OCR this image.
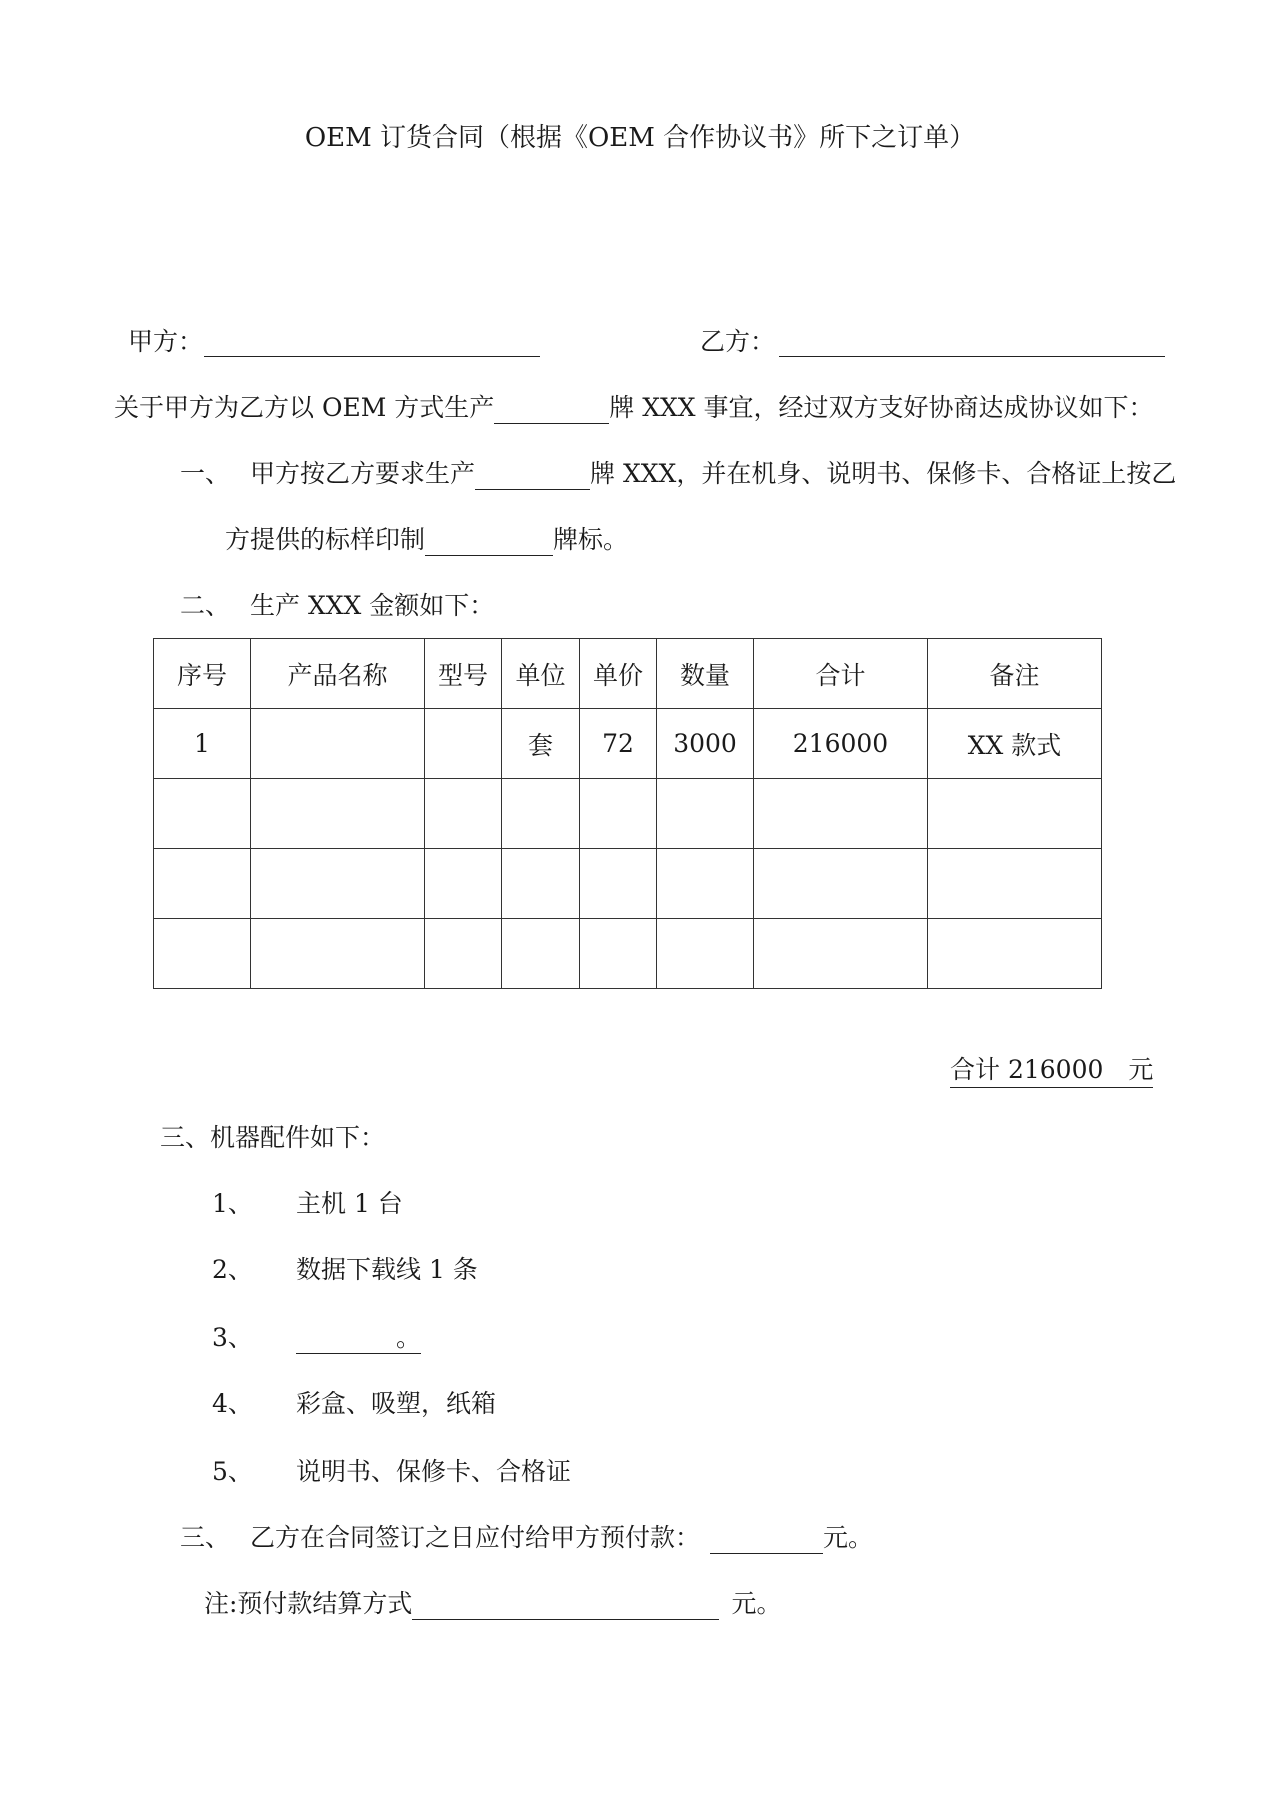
OEM 订货合同（根据《OEM 合作协议书》所下之订单）
甲方：	乙方：
关于甲方为乙方以 OEM 方式生产	牌 XXX 事宜，经过双方支好协商达成协议如下：
一、 甲方按乙方要求生产	牌 XXX，并在机身、说明书、保修卡、合格证上按乙
方提供的标样印制	牌标。
二、 生产 XXX 金额如下：
序号	产品名称	型号	单位	单价	数量	合计	备注
1			套	72	3000	216000	XX 款式

合计 216000　元
三、机器配件如下：
1、 主机 1 台
2、 数据下载线 1 条
3、	。
4、 彩盒、吸塑，纸箱
5、 说明书、保修卡、合格证
三、 乙方在合同签订之日应付给甲方预付款：	元。
注:预付款结算方式	元。
